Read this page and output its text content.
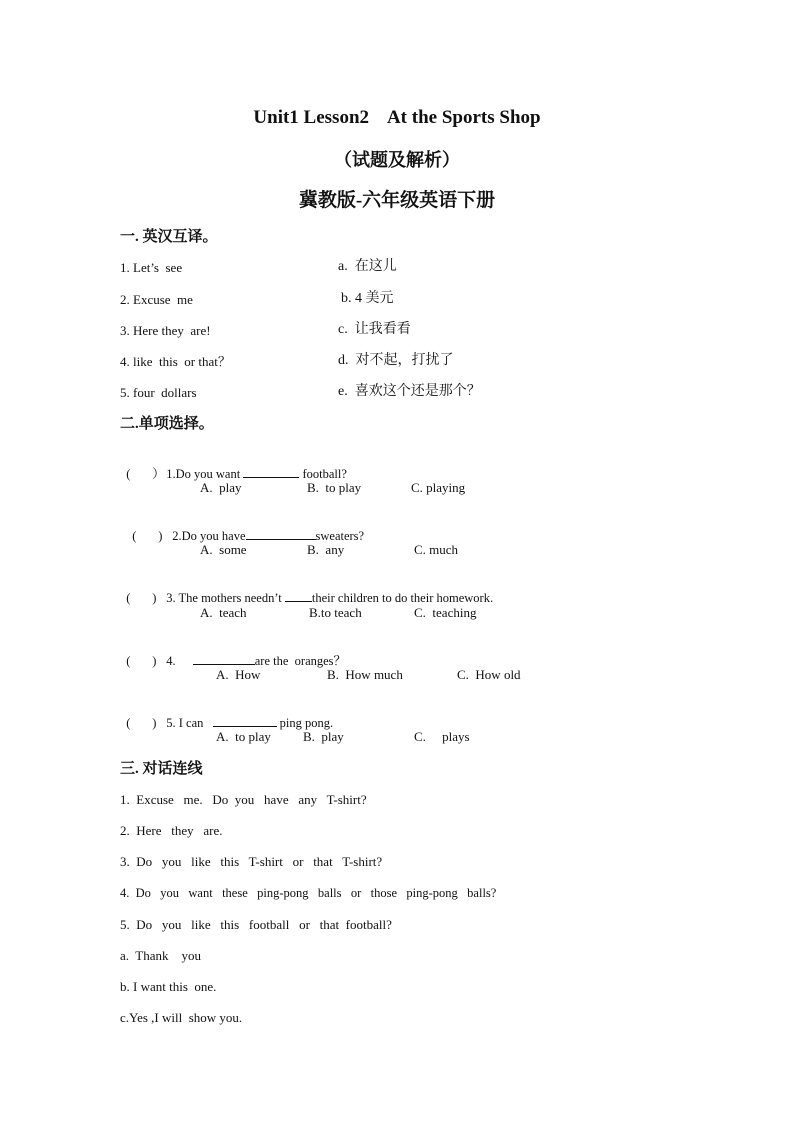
Unit1 Lesson2    At the Sports Shop
（试题及解析）
冀教版-六年级英语下册
一. 英汉互译。
1. Let’s  see	a.  在这儿
2. Excuse  me	b. 4 美元
3. Here they  are!	c.  让我看看
4. like  this  or that？	d.  对不起，打扰了
5. four  dollars	e.  喜欢这个还是那个？
二.单项选择。

(       ）1.Do you want	football?

A.  play	B.  to play	C. playing

(       ) 2.Do you have	sweaters?

A.  some	B.  any	C. much

(       ) 3. The mothers needn’t their children to do their homework.

A.  teach	B.to teach	C.  teaching

(       ) 4.	are the  oranges？

A.  How	B.  How much	C.  How old

(       ) 5. I can	ping pong.

A.  to play B.  play	C.     plays
三. 对话连线
1.  Excuse   me.   Do  you   have   any   T-shirt?
2.  Here   they   are.
3.  Do   you   like   this   T-shirt   or   that   T-shirt?
4.  Do   you   want   these   ping-pong   balls   or   those   ping-pong   balls?
5.  Do   you   like   this   football   or   that  football?
a.  Thank    you
b. I want this  one.
c.Yes ,I will  show you.
